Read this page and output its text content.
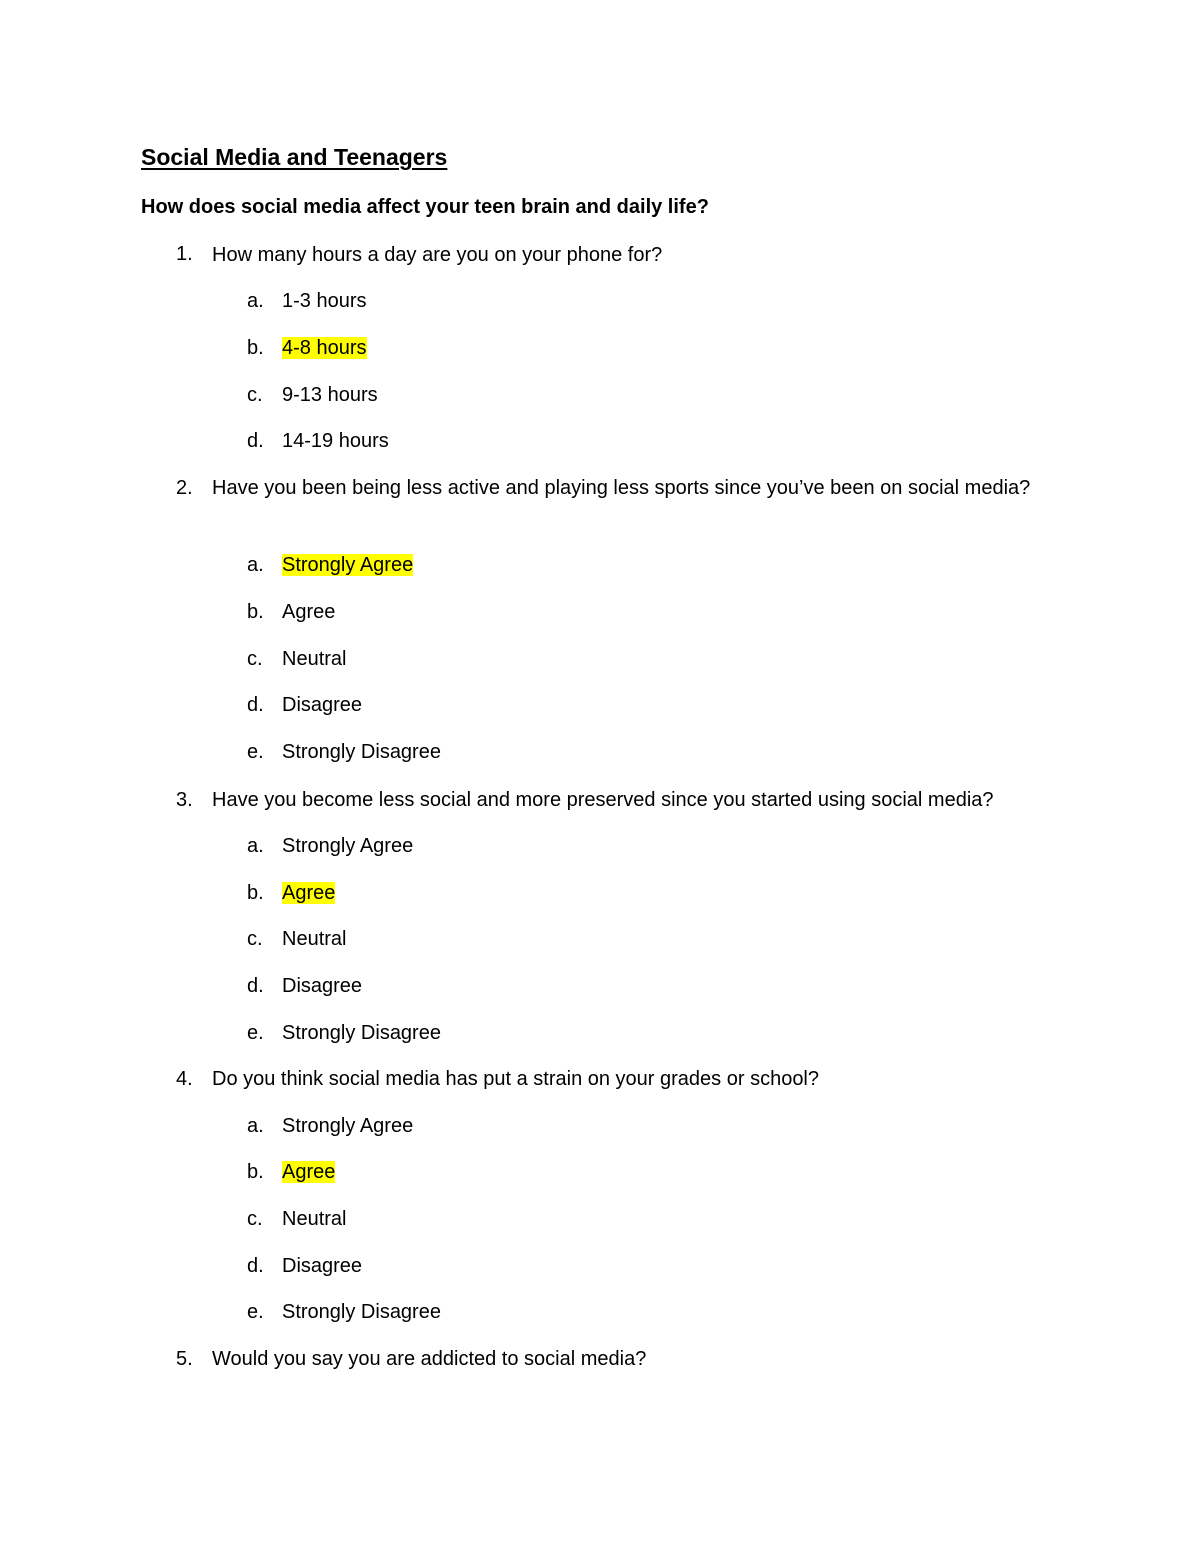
Social Media and Teenagers
How does social media affect your teen brain and daily life?
1. How many hours a day are you on your phone for?
a. 1-3 hours
b. 4-8 hours
c. 9-13 hours
d. 14-19 hours
2. Have you been being less active and playing less sports since you’ve been on social media?
a. Strongly Agree
b. Agree
c. Neutral
d. Disagree
e. Strongly Disagree
3. Have you become less social and more preserved since you started using social media?
a. Strongly Agree
b. Agree
c. Neutral
d. Disagree
e. Strongly Disagree
4. Do you think social media has put a strain on your grades or school?
a. Strongly Agree
b. Agree
c. Neutral
d. Disagree
e. Strongly Disagree
5. Would you say you are addicted to social media?
